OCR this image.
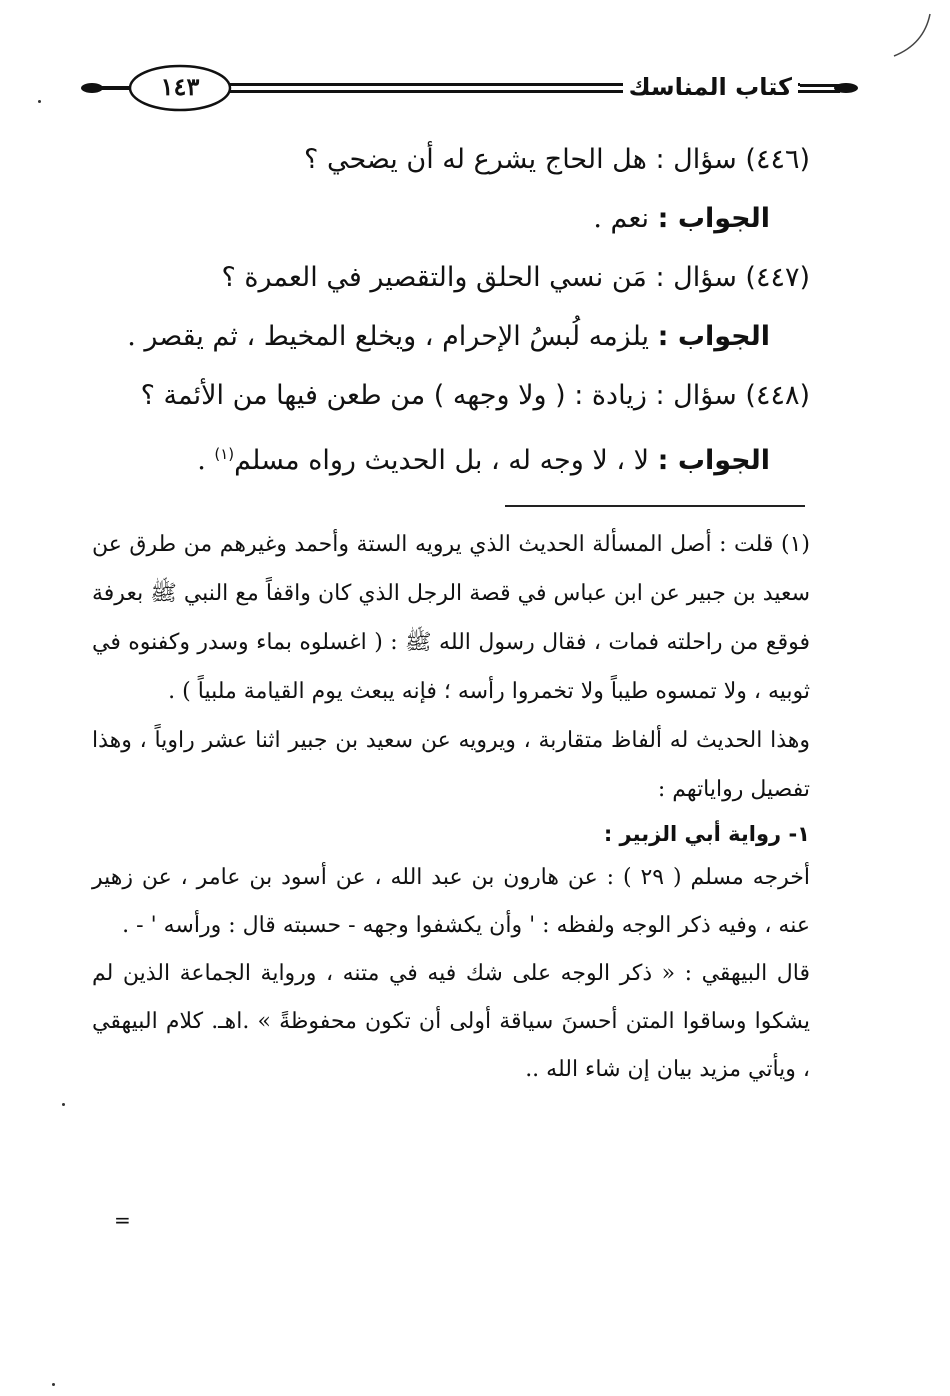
١٤٣	كتاب المناسك
(٤٤٦) سؤال : هل الحاج يشرع له أن يضحي ؟
الجواب : نعم .
(٤٤٧) سؤال : مَن نسي الحلق والتقصير في العمرة ؟
الجواب : يلزمه لُبسُ الإحرام ، ويخلع المخيط ، ثم يقصر .
(٤٤٨) سؤال : زيادة : ( ولا وجهه ) من طعن فيها من الأئمة ؟
الجواب : لا ، لا وجه له ، بل الحديث رواه مسلم$^{(١)}$ .

(١) قلت : أصل المسألة الحديث الذي يرويه الستة وأحمد وغيرهم من طرق عن سعيد بن جبير عن ابن عباس في قصة الرجل الذي كان واقفاً مع النبي ﷺ بعرفة فوقع من راحلته فمات ، فقال رسول الله ﷺ : ( اغسلوه بماء وسدر وكفنوه في ثوبيه ، ولا تمسوه طيباً ولا تخمروا رأسه ؛ فإنه يبعث يوم القيامة ملبياً ) .

وهذا الحديث له ألفاظ متقاربة ، ويرويه عن سعيد بن جبير اثنا عشر راوياً ، وهذا تفصيل رواياتهم :

١- رواية أبي الزبير :

أخرجه مسلم ( ٢٩ ) : عن هارون بن عبد الله ، عن أسود بن عامر ، عن زهير عنه ، وفيه ذكر الوجه ولفظه : ' وأن يكشفوا وجهه - حسبته قال : ورأسه ' - .

قال البيهقي : « ذكر الوجه على شك فيه في متنه ، ورواية الجماعة الذين لم يشكوا وساقوا المتن أحسنَ سياقة أولى أن تكون محفوظةً » .اهـ. كلام البيهقي ، ويأتي مزيد بيان إن شاء الله ..

=
